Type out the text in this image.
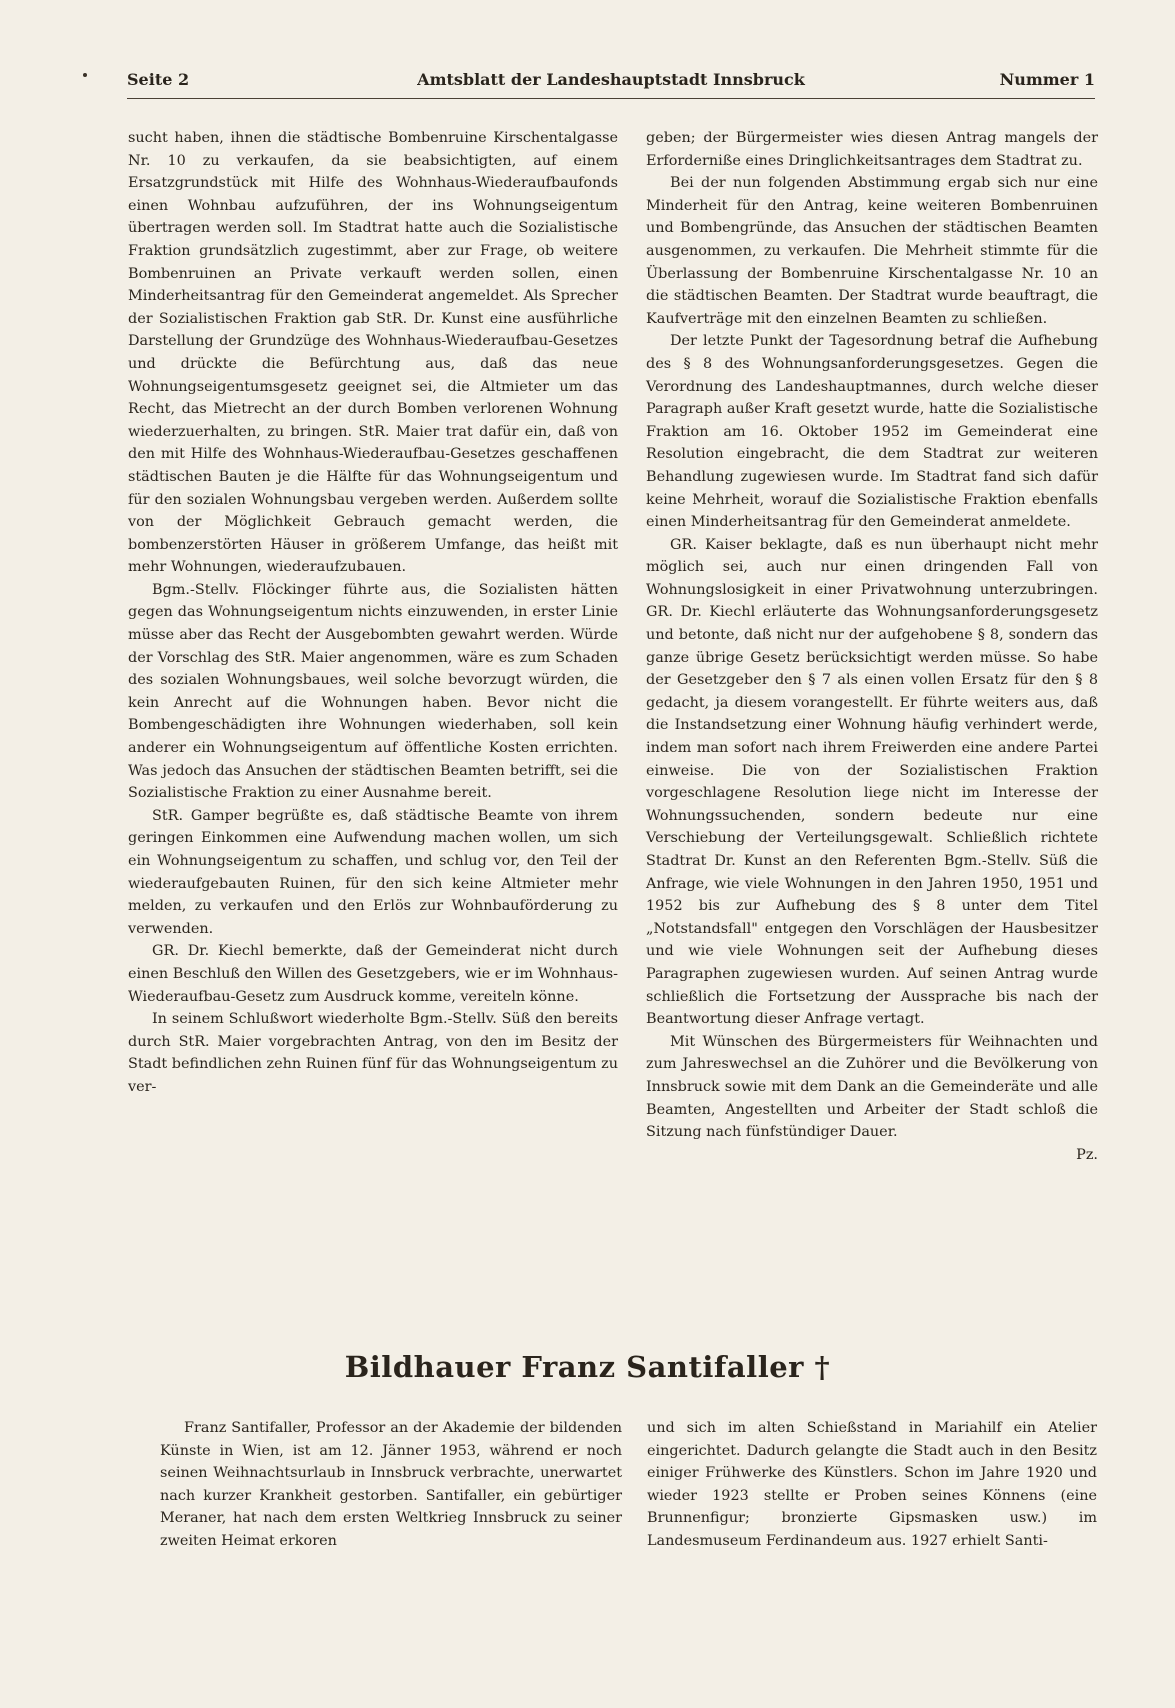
Seite 2	Amtsblatt der Landeshauptstadt Innsbruck	Nummer 1

sucht haben, ihnen die städtische Bombenruine Kirschentalgasse Nr. 10 zu verkaufen, da sie beabsichtigten, auf einem Ersatzgrundstück mit Hilfe des Wohnhaus-Wiederaufbaufonds einen Wohnbau aufzuführen, der ins Wohnungseigentum übertragen werden soll. Im Stadtrat hatte auch die Sozialistische Fraktion grundsätzlich zugestimmt, aber zur Frage, ob weitere Bombenruinen an Private verkauft werden sollen, einen Minderheitsantrag für den Gemeinderat angemeldet. Als Sprecher der Sozialistischen Fraktion gab StR. Dr. Kunst eine ausführliche Darstellung der Grundzüge des Wohnhaus-Wiederaufbau-Gesetzes und drückte die Befürchtung aus, daß das neue Wohnungseigentumsgesetz geeignet sei, die Altmieter um das Recht, das Mietrecht an der durch Bomben verlorenen Wohnung wiederzuerhalten, zu bringen. StR. Maier trat dafür ein, daß von den mit Hilfe des Wohnhaus-Wiederaufbau-Gesetzes geschaffenen städtischen Bauten je die Hälfte für das Wohnungseigentum und für den sozialen Wohnungsbau vergeben werden. Außerdem sollte von der Möglichkeit Gebrauch gemacht werden, die bombenzerstörten Häuser in größerem Umfange, das heißt mit mehr Wohnungen, wiederaufzubauen.

Bgm.-Stellv. Flöckinger führte aus, die Sozialisten hätten gegen das Wohnungseigentum nichts einzuwenden, in erster Linie müsse aber das Recht der Ausgebombten gewahrt werden. Würde der Vorschlag des StR. Maier angenommen, wäre es zum Schaden des sozialen Wohnungsbaues, weil solche bevorzugt würden, die kein Anrecht auf die Wohnungen haben. Bevor nicht die Bombengeschädigten ihre Wohnungen wiederhaben, soll kein anderer ein Wohnungseigentum auf öffentliche Kosten errichten. Was jedoch das Ansuchen der städtischen Beamten betrifft, sei die Sozialistische Fraktion zu einer Ausnahme bereit.

StR. Gamper begrüßte es, daß städtische Beamte von ihrem geringen Einkommen eine Aufwendung machen wollen, um sich ein Wohnungseigentum zu schaffen, und schlug vor, den Teil der wiederaufgebauten Ruinen, für den sich keine Altmieter mehr melden, zu verkaufen und den Erlös zur Wohnbauförderung zu verwenden.

GR. Dr. Kiechl bemerkte, daß der Gemeinderat nicht durch einen Beschluß den Willen des Gesetzgebers, wie er im Wohnhaus-Wiederaufbau-Gesetz zum Ausdruck komme, vereiteln könne.

In seinem Schlußwort wiederholte Bgm.-Stellv. Süß den bereits durch StR. Maier vorgebrachten Antrag, von den im Besitz der Stadt befindlichen zehn Ruinen fünf für das Wohnungseigentum zu ver-

geben; der Bürgermeister wies diesen Antrag mangels der Erforderniße eines Dringlichkeitsantrages dem Stadtrat zu.

Bei der nun folgenden Abstimmung ergab sich nur eine Minderheit für den Antrag, keine weiteren Bombenruinen und Bombengründe, das Ansuchen der städtischen Beamten ausgenommen, zu verkaufen. Die Mehrheit stimmte für die Überlassung der Bombenruine Kirschentalgasse Nr. 10 an die städtischen Beamten. Der Stadtrat wurde beauftragt, die Kaufverträge mit den einzelnen Beamten zu schließen.

Der letzte Punkt der Tagesordnung betraf die Aufhebung des § 8 des Wohnungsanforderungsgesetzes. Gegen die Verordnung des Landeshauptmannes, durch welche dieser Paragraph außer Kraft gesetzt wurde, hatte die Sozialistische Fraktion am 16. Oktober 1952 im Gemeinderat eine Resolution eingebracht, die dem Stadtrat zur weiteren Behandlung zugewiesen wurde. Im Stadtrat fand sich dafür keine Mehrheit, worauf die Sozialistische Fraktion ebenfalls einen Minderheitsantrag für den Gemeinderat anmeldete.

GR. Kaiser beklagte, daß es nun überhaupt nicht mehr möglich sei, auch nur einen dringenden Fall von Wohnungslosigkeit in einer Privatwohnung unterzubringen. GR. Dr. Kiechl erläuterte das Wohnungsanforderungsgesetz und betonte, daß nicht nur der aufgehobene § 8, sondern das ganze übrige Gesetz berücksichtigt werden müsse. So habe der Gesetzgeber den § 7 als einen vollen Ersatz für den § 8 gedacht, ja diesem vorangestellt. Er führte weiters aus, daß die Instandsetzung einer Wohnung häufig verhindert werde, indem man sofort nach ihrem Freiwerden eine andere Partei einweise. Die von der Sozialistischen Fraktion vorgeschlagene Resolution liege nicht im Interesse der Wohnungssuchenden, sondern bedeute nur eine Verschiebung der Verteilungsgewalt. Schließlich richtete Stadtrat Dr. Kunst an den Referenten Bgm.-Stellv. Süß die Anfrage, wie viele Wohnungen in den Jahren 1950, 1951 und 1952 bis zur Aufhebung des § 8 unter dem Titel „Notstandsfall" entgegen den Vorschlägen der Hausbesitzer und wie viele Wohnungen seit der Aufhebung dieses Paragraphen zugewiesen wurden. Auf seinen Antrag wurde schließlich die Fortsetzung der Aussprache bis nach der Beantwortung dieser Anfrage vertagt.

Mit Wünschen des Bürgermeisters für Weihnachten und zum Jahreswechsel an die Zuhörer und die Bevölkerung von Innsbruck sowie mit dem Dank an die Gemeinderäte und alle Beamten, Angestellten und Arbeiter der Stadt schloß die Sitzung nach fünfstündiger Dauer.

Pz.
Bildhauer Franz Santifaller †

Franz Santifaller, Professor an der Akademie der bildenden Künste in Wien, ist am 12. Jänner 1953, während er noch seinen Weihnachtsurlaub in Innsbruck verbrachte, unerwartet nach kurzer Krankheit gestorben. Santifaller, ein gebürtiger Meraner, hat nach dem ersten Weltkrieg Innsbruck zu seiner zweiten Heimat erkoren

und sich im alten Schießstand in Mariahilf ein Atelier eingerichtet. Dadurch gelangte die Stadt auch in den Besitz einiger Frühwerke des Künstlers. Schon im Jahre 1920 und wieder 1923 stellte er Proben seines Könnens (eine Brunnenfigur; bronzierte Gipsmasken usw.) im Landesmuseum Ferdinandeum aus. 1927 erhielt Santi-
